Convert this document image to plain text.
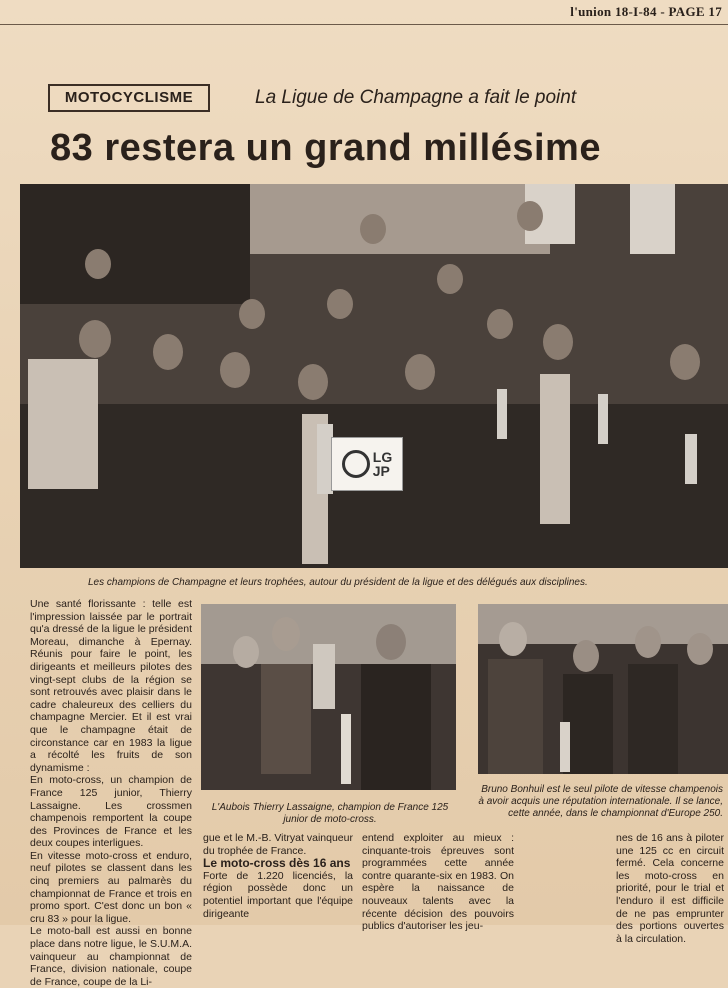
l'union 18-I-84 - PAGE 17
MOTOCYCLISME	La Ligue de Champagne a fait le point
83 restera un grand millésime
LG
JP
Les champions de Champagne et leurs trophées, autour du président de la ligue et des délégués aux disciplines.

Une santé florissante : telle est l'impression laissée par le portrait qu'a dressé de la ligue le président Moreau, dimanche à Epernay. Réunis pour faire le point, les dirigeants et meilleurs pilotes des vingt-sept clubs de la région se sont retrouvés avec plaisir dans le cadre chaleureux des celliers du champagne Mercier. Et il est vrai que le champagne était de circonstance car en 1983 la ligue a récolté les fruits de son dynamisme :

En moto-cross, un champion de France 125 junior, Thierry Lassaigne. Les crossmen champenois remportent la coupe des Provinces de France et les deux coupes interligues.

En vitesse moto-cross et enduro, neuf pilotes se classent dans les cinq premiers au palmarès du championnat de France et trois en promo sport. C'est donc un bon « cru 83 » pour la ligue.

Le moto-ball est aussi en bonne place dans notre ligue, le S.U.M.A. vainqueur au championnat de France, division nationale, coupe de France, coupe de la Li-

L'Aubois Thierry Lassaigne, champion de France 125 junior de moto-cross.
Bruno Bonhuil est le seul pilote de vitesse champenois à avoir acquis une réputation internationale. Il se lance, cette année, dans le championnat d'Europe 250.

gue et le M.-B. Vitryat vainqueur du trophée de France.

Le moto-cross dès 16 ans

Forte de 1.220 licenciés, la région possède donc un potentiel important que l'équipe dirigeante

entend exploiter au mieux : cinquante-trois épreuves sont programmées cette année contre quarante-six en 1983. On espère la naissance de nouveaux talents avec la récente décision des pouvoirs publics d'autoriser les jeu-
nes de 16 ans à piloter une 125 cc en circuit fermé. Cela concerne les moto-cross en priorité, pour le trial et l'enduro il est difficile de ne pas emprunter des portions ouvertes à la circulation.
